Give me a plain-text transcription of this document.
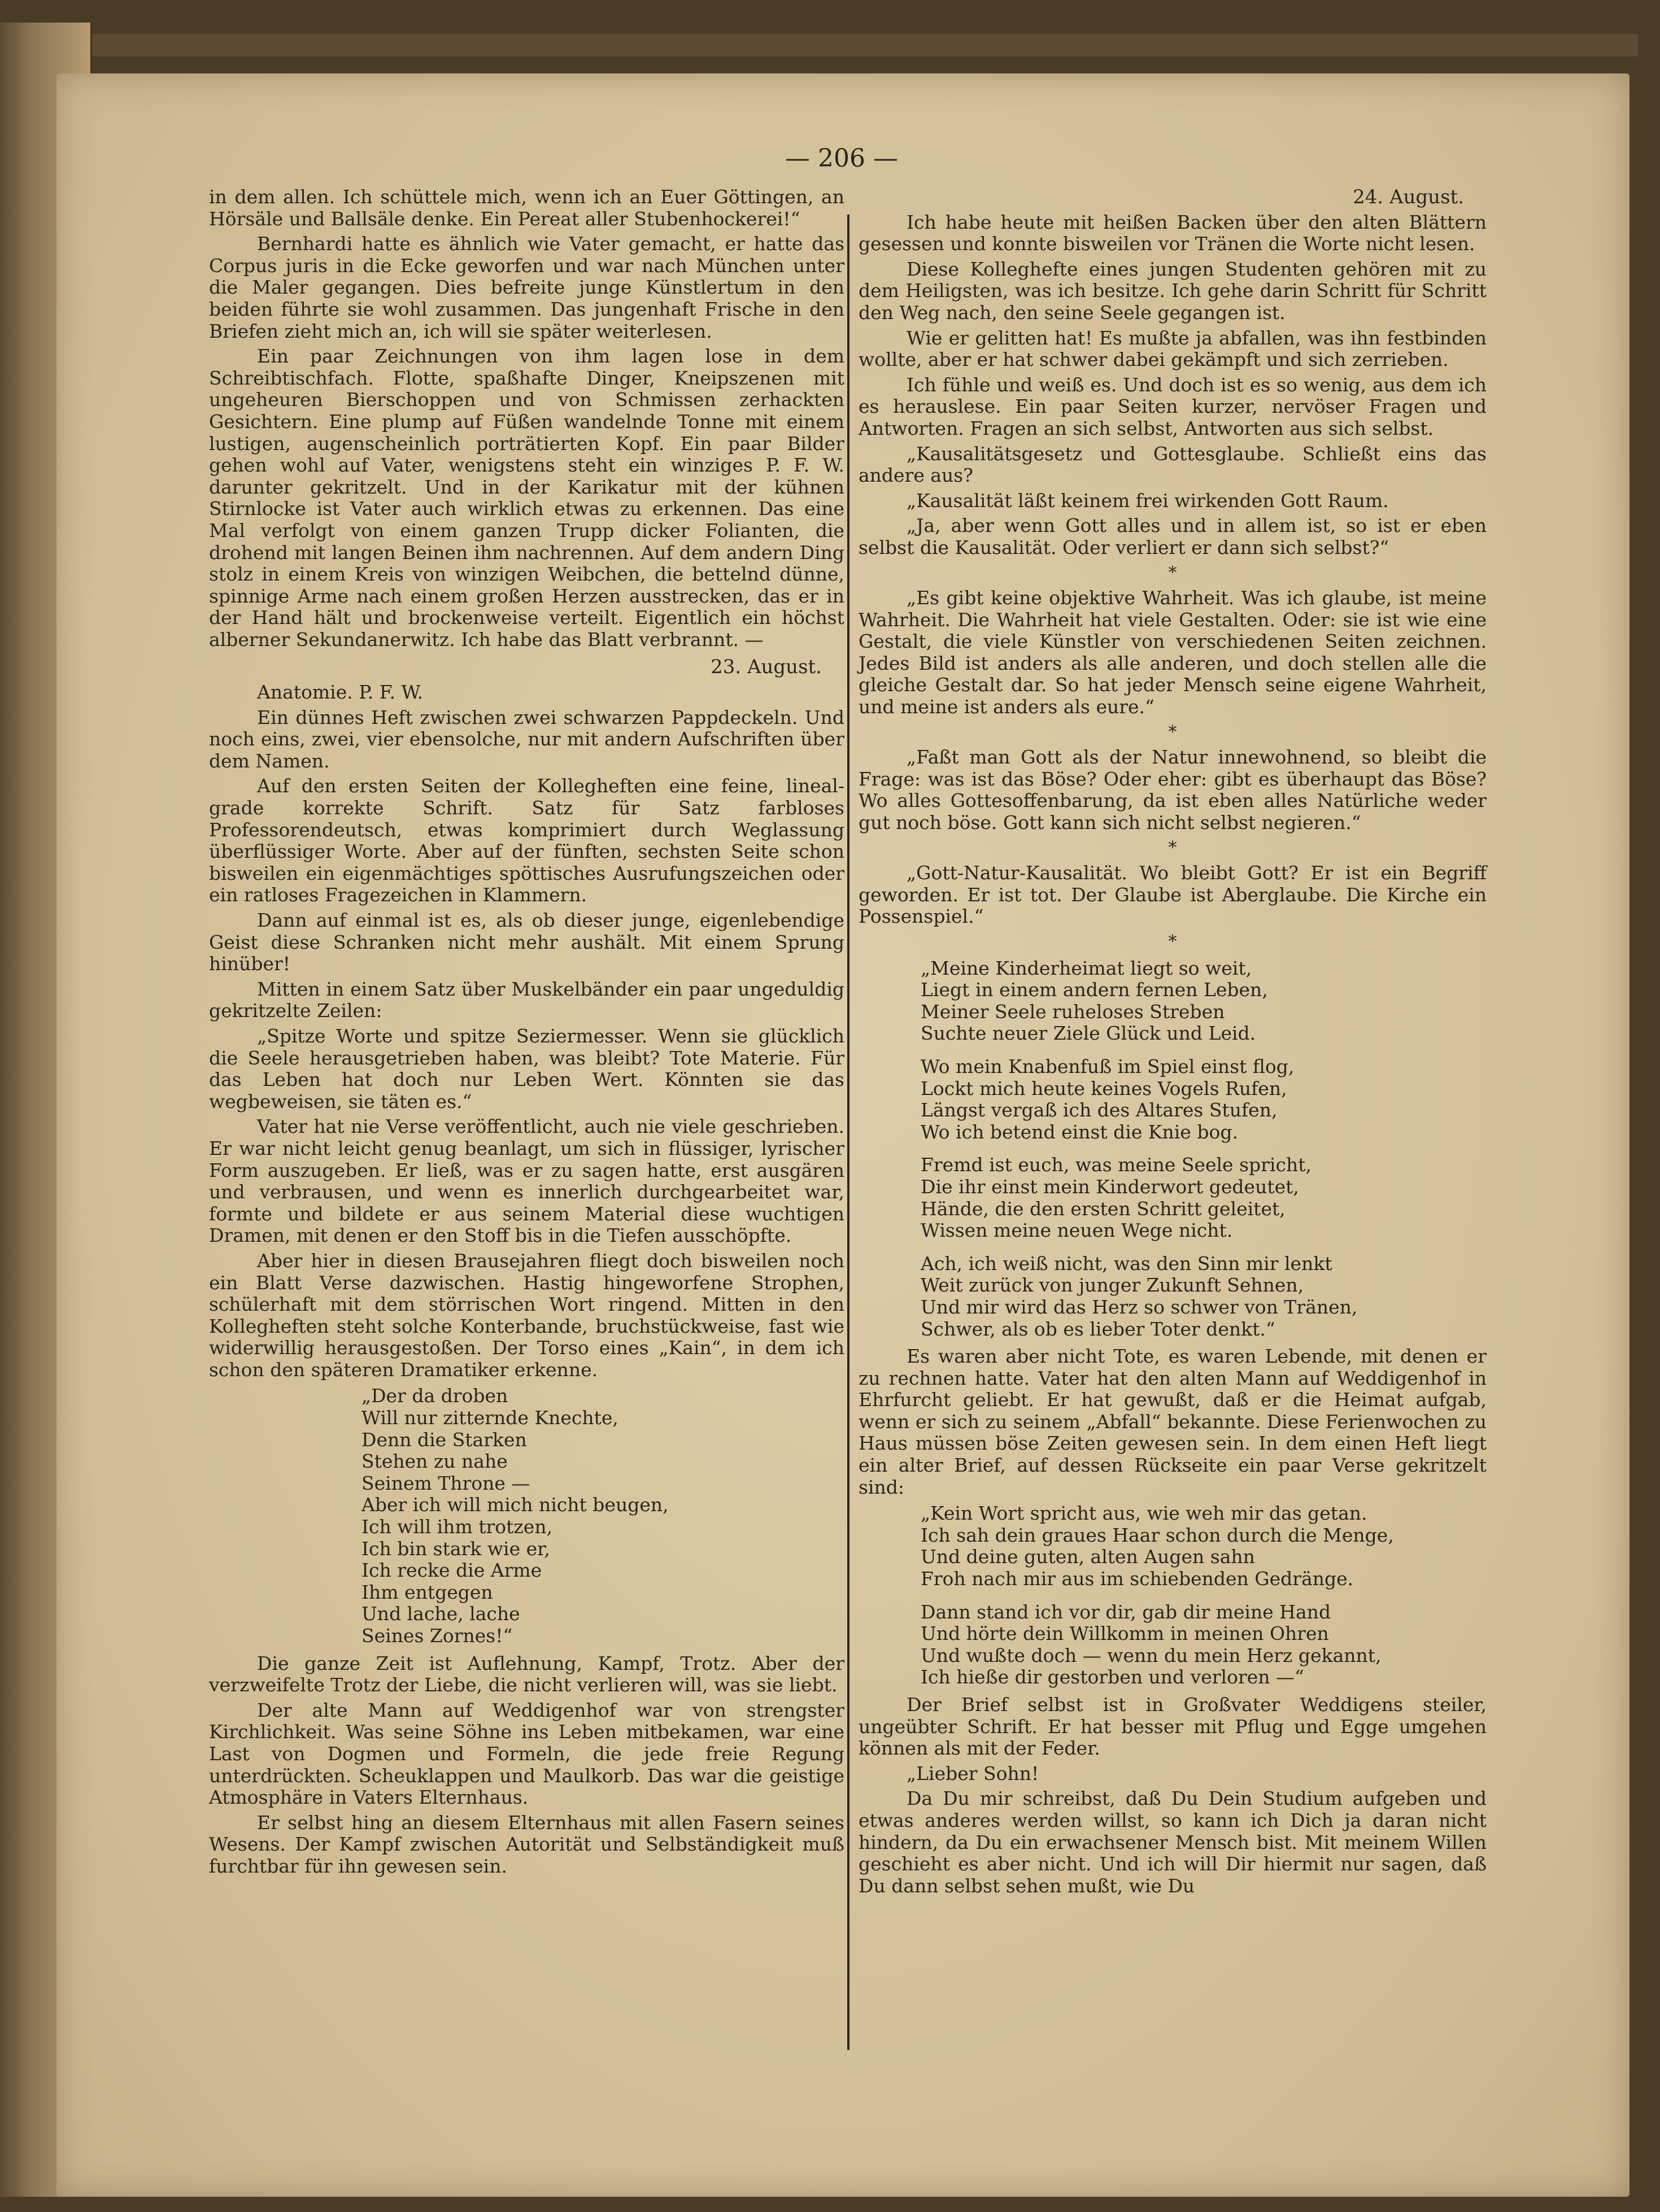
— 206 —

in dem allen. Ich schüttele mich, wenn ich an Euer Göttingen, an Hörsäle und Ballsäle denke. Ein Pereat aller Stubenhockerei!“

Bernhardi hatte es ähnlich wie Vater gemacht, er hatte das Corpus juris in die Ecke geworfen und war nach München unter die Maler gegangen. Dies befreite junge Künstlertum in den beiden führte sie wohl zusammen. Das jungenhaft Frische in den Briefen zieht mich an, ich will sie später weiterlesen.

Ein paar Zeichnungen von ihm lagen lose in dem Schreibtischfach. Flotte, spaßhafte Dinger, Kneipszenen mit ungeheuren Bierschoppen und von Schmissen zerhackten Gesichtern. Eine plump auf Füßen wandelnde Tonne mit einem lustigen, augenscheinlich porträtierten Kopf. Ein paar Bilder gehen wohl auf Vater, wenigstens steht ein winziges P. F. W. darunter gekritzelt. Und in der Karikatur mit der kühnen Stirnlocke ist Vater auch wirklich etwas zu erkennen. Das eine Mal verfolgt von einem ganzen Trupp dicker Folianten, die drohend mit langen Beinen ihm nachrennen. Auf dem andern Ding stolz in einem Kreis von winzigen Weibchen, die bettelnd dünne, spinnige Arme nach einem großen Herzen ausstrecken, das er in der Hand hält und brockenweise verteilt. Eigentlich ein höchst alberner Sekundanerwitz. Ich habe das Blatt verbrannt. —

23. August.

Anatomie. P. F. W.

Ein dünnes Heft zwischen zwei schwarzen Pappdeckeln. Und noch eins, zwei, vier ebensolche, nur mit andern Aufschriften über dem Namen.

Auf den ersten Seiten der Kollegheften eine feine, lineal-grade korrekte Schrift. Satz für Satz farbloses Professorendeutsch, etwas komprimiert durch Weglassung überflüssiger Worte. Aber auf der fünften, sechsten Seite schon bisweilen ein eigenmächtiges spöttisches Ausrufungszeichen oder ein ratloses Fragezeichen in Klammern.

Dann auf einmal ist es, als ob dieser junge, eigenlebendige Geist diese Schranken nicht mehr aushält. Mit einem Sprung hinüber!

Mitten in einem Satz über Muskelbänder ein paar ungeduldig gekritzelte Zeilen:

„Spitze Worte und spitze Seziermesser. Wenn sie glücklich die Seele herausgetrieben haben, was bleibt? Tote Materie. Für das Leben hat doch nur Leben Wert. Könnten sie das wegbeweisen, sie täten es.“

Vater hat nie Verse veröffentlicht, auch nie viele geschrieben. Er war nicht leicht genug beanlagt, um sich in flüssiger, lyrischer Form auszugeben. Er ließ, was er zu sagen hatte, erst ausgären und verbrausen, und wenn es innerlich durchgearbeitet war, formte und bildete er aus seinem Material diese wuchtigen Dramen, mit denen er den Stoff bis in die Tiefen ausschöpfte.

Aber hier in diesen Brausejahren fliegt doch bisweilen noch ein Blatt Verse dazwischen. Hastig hingeworfene Strophen, schülerhaft mit dem störrischen Wort ringend. Mitten in den Kollegheften steht solche Konterbande, bruchstückweise, fast wie widerwillig herausgestoßen. Der Torso eines „Kain“, in dem ich schon den späteren Dramatiker erkenne.

„Der da droben
Will nur zitternde Knechte,
Denn die Starken
Stehen zu nahe
Seinem Throne —
Aber ich will mich nicht beugen,
Ich will ihm trotzen,
Ich bin stark wie er,
Ich recke die Arme
Ihm entgegen
Und lache, lache
Seines Zornes!“

Die ganze Zeit ist Auflehnung, Kampf, Trotz. Aber der verzweifelte Trotz der Liebe, die nicht verlieren will, was sie liebt.

Der alte Mann auf Weddigenhof war von strengster Kirchlichkeit. Was seine Söhne ins Leben mitbekamen, war eine Last von Dogmen und Formeln, die jede freie Regung unterdrückten. Scheuklappen und Maulkorb. Das war die geistige Atmosphäre in Vaters Elternhaus.

Er selbst hing an diesem Elternhaus mit allen Fasern seines Wesens. Der Kampf zwischen Autorität und Selbständigkeit muß furchtbar für ihn gewesen sein.

24. August.

Ich habe heute mit heißen Backen über den alten Blättern gesessen und konnte bisweilen vor Tränen die Worte nicht lesen.

Diese Kollegheftе eines jungen Studenten gehören mit zu dem Heiligsten, was ich besitze. Ich gehe darin Schritt für Schritt den Weg nach, den seine Seele gegangen ist.

Wie er gelitten hat! Es mußte ja abfallen, was ihn festbinden wollte, aber er hat schwer dabei gekämpft und sich zerrieben.

Ich fühle und weiß es. Und doch ist es so wenig, aus dem ich es herauslese. Ein paar Seiten kurzer, nervöser Fragen und Antworten. Fragen an sich selbst, Antworten aus sich selbst.

„Kausalitätsgesetz und Gottesglaube. Schließt eins das andere aus?

„Kausalität läßt keinem frei wirkenden Gott Raum.

„Ja, aber wenn Gott alles und in allem ist, so ist er eben selbst die Kausalität. Oder verliert er dann sich selbst?“

*

„Es gibt keine objektive Wahrheit. Was ich glaube, ist meine Wahrheit. Die Wahrheit hat viele Gestalten. Oder: sie ist wie eine Gestalt, die viele Künstler von verschiedenen Seiten zeichnen. Jedes Bild ist anders als alle anderen, und doch stellen alle die gleiche Gestalt dar. So hat jeder Mensch seine eigene Wahrheit, und meine ist anders als eure.“

*

„Faßt man Gott als der Natur innewohnend, so bleibt die Frage: was ist das Böse? Oder eher: gibt es überhaupt das Böse? Wo alles Gottesoffenbarung, da ist eben alles Natürliche weder gut noch böse. Gott kann sich nicht selbst negieren.“

*

„Gott-Natur-Kausalität. Wo bleibt Gott? Er ist ein Begriff geworden. Er ist tot. Der Glaube ist Aberglaube. Die Kirche ein Possenspiel.“

*
„Meine Kinderheimat liegt so weit,
Liegt in einem andern fernen Leben,
Meiner Seele ruheloses Streben
Suchte neuer Ziele Glück und Leid.
Wo mein Knabenfuß im Spiel einst flog,
Lockt mich heute keines Vogels Rufen,
Längst vergaß ich des Altares Stufen,
Wo ich betend einst die Knie bog.
Fremd ist euch, was meine Seele spricht,
Die ihr einst mein Kinderwort gedeutet,
Hände, die den ersten Schritt geleitet,
Wissen meine neuen Wege nicht.
Ach, ich weiß nicht, was den Sinn mir lenkt
Weit zurück von junger Zukunft Sehnen,
Und mir wird das Herz so schwer von Tränen,
Schwer, als ob es lieber Toter denkt.“

Es waren aber nicht Tote, es waren Lebende, mit denen er zu rechnen hatte. Vater hat den alten Mann auf Weddigenhof in Ehrfurcht geliebt. Er hat gewußt, daß er die Heimat aufgab, wenn er sich zu seinem „Abfall“ bekannte. Diese Ferienwochen zu Haus müssen böse Zeiten gewesen sein. In dem einen Heft liegt ein alter Brief, auf dessen Rückseite ein paar Verse gekritzelt sind:

„Kein Wort spricht aus, wie weh mir das getan.
Ich sah dein graues Haar schon durch die Menge,
Und deine guten, alten Augen sahn
Froh nach mir aus im schiebenden Gedränge.
Dann stand ich vor dir, gab dir meine Hand
Und hörte dein Willkomm in meinen Ohren
Und wußte doch — wenn du mein Herz gekannt,
Ich hieße dir gestorben und verloren —“

Der Brief selbst ist in Großvater Weddigens steiler, ungeübter Schrift. Er hat besser mit Pflug und Egge umgehen können als mit der Feder.

„Lieber Sohn!

Da Du mir schreibst, daß Du Dein Studium aufgeben und etwas anderes werden willst, so kann ich Dich ja daran nicht hindern, da Du ein erwachsener Mensch bist. Mit meinem Willen geschieht es aber nicht. Und ich will Dir hiermit nur sagen, daß Du dann selbst sehen mußt, wie Du
